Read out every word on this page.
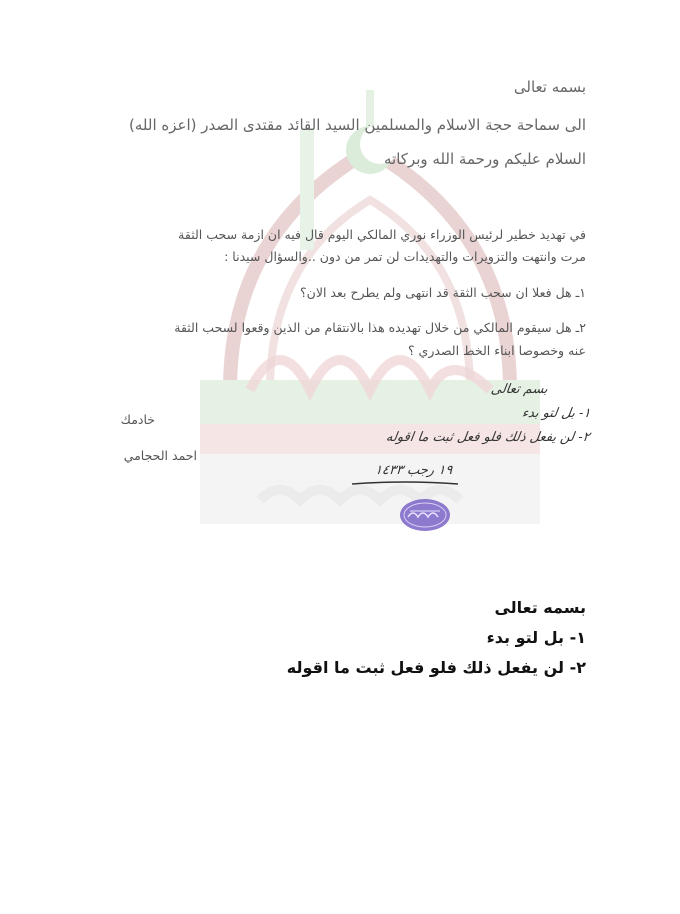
بسمه تعالى
الى سماحة حجة الاسلام والمسلمين السيد القائد مقتدى الصدر (اعزه الله)
السلام عليكم ورحمة الله وبركاته
في تهديد خطير لرئيس الوزراء نوري المالكي اليوم قال فيه ان ازمة سحب الثقة
مرت وانتهت والتزويرات والتهديدات لن تمر من دون ..والسؤال سيدنا :
١ـ هل فعلا ان سحب الثقة قد انتهى ولم يطرح بعد الان؟
٢ـ هل سيقوم المالكي من خلال تهديده هذا بالانتقام من الذين وقعوا لسحب الثقة
عنه وخصوصا ابناء الخط الصدري ؟
خادمك
احمد الحجامي
بسم تعالى
١- بل لتو بدء
٢- لن يفعل ذلك فلو فعل ثبت ما اقوله
١٩ رجب ١٤٣٣
بسمه تعالى
١- بل لتو بدء
٢- لن يفعل ذلك فلو فعل ثبت ما اقوله
